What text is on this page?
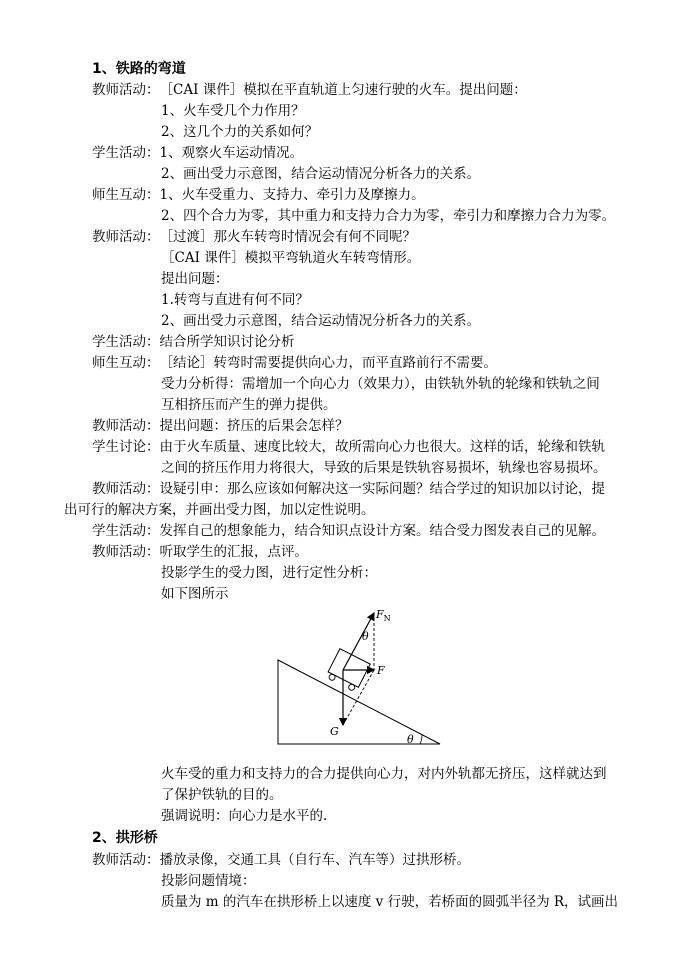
1、铁路的弯道
教师活动：［CAI 课件］模拟在平直轨道上匀速行驶的火车。提出问题：
1、火车受几个力作用？
2、这几个力的关系如何？
学生活动：1、观察火车运动情况。
2、画出受力示意图，结合运动情况分析各力的关系。
师生互动：1、火车受重力、支持力、牵引力及摩擦力。
2、四个合力为零，其中重力和支持力合力为零，牵引力和摩擦力合力为零。
教师活动：［过渡］那火车转弯时情况会有何不同呢？
［CAI 课件］模拟平弯轨道火车转弯情形。
提出问题：
1.转弯与直进有何不同？
2、画出受力示意图，结合运动情况分析各力的关系。
学生活动：结合所学知识讨论分析
师生互动：［结论］转弯时需要提供向心力，而平直路前行不需要。
受力分析得：需增加一个向心力（效果力），由铁轨外轨的轮缘和铁轨之间
互相挤压而产生的弹力提供。
教师活动：提出问题：挤压的后果会怎样？
学生讨论：由于火车质量、速度比较大，故所需向心力也很大。这样的话，轮缘和铁轨
之间的挤压作用力将很大，导致的后果是铁轨容易损坏，轨缘也容易损坏。
教师活动：设疑引申：那么应该如何解决这一实际问题？结合学过的知识加以讨论，提
出可行的解决方案，并画出受力图，加以定性说明。
学生活动：发挥自己的想象能力，结合知识点设计方案。结合受力图发表自己的见解。
教师活动：听取学生的汇报，点评。
投影学生的受力图，进行定性分析：
如下图所示
$F_N$
θ
F
G
θ
火车受的重力和支持力的合力提供向心力，对内外轨都无挤压，这样就达到
了保护铁轨的目的。
强调说明：向心力是水平的.
2、拱形桥
教师活动：播放录像，交通工具（自行车、汽车等）过拱形桥。
投影问题情境：
质量为 m 的汽车在拱形桥上以速度 v 行驶，若桥面的圆弧半径为 R，试画出
